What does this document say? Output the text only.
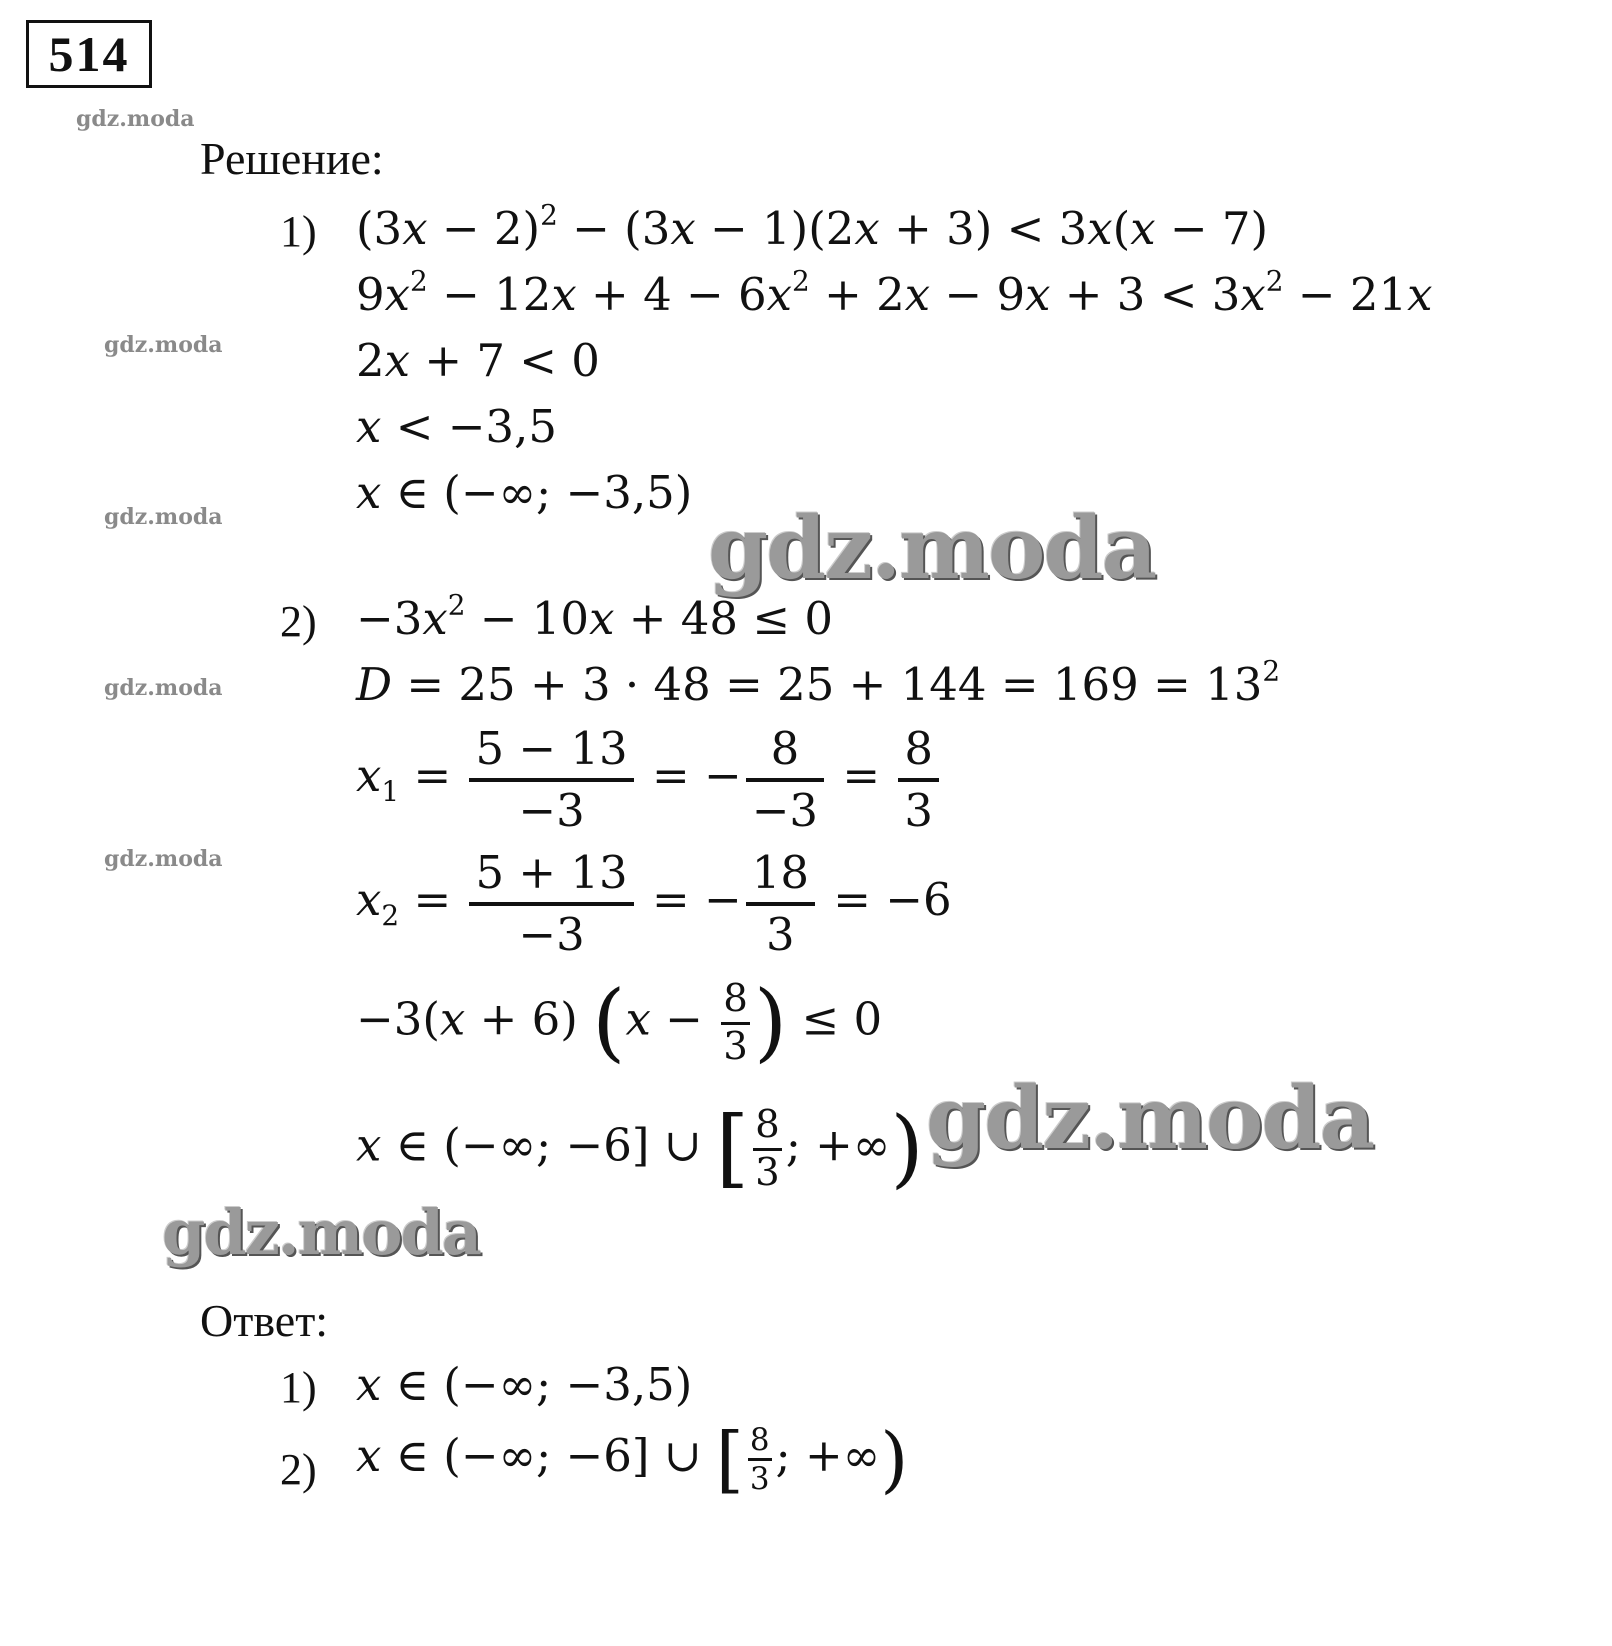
514
gdz.moda
gdz.moda
gdz.moda
gdz.moda
gdz.moda
Решение:
1) $(3x - 2)^2 - (3x - 1)(2x + 3) < 3x(x - 7)$
$9x^2 - 12x + 4 - 6x^2 + 2x - 9x + 3 < 3x^2 - 21x$
2x + 7 < 0
x < −3,5
x ∈ (−∞; −3,5)
gdz.moda
$2) -3x^2 - 10x + 48 \le 0$
$D = 25 + 3 \cdot 48 = 25 + 144 = 169 = 13^2$
$x_1 = \frac{5 - 13}{-3}$ = − $\frac{8}{-3} = \frac{8}{3}$
$x_2 = \frac{5 + 13}{-3}$ = − $\frac{18}{3} = -6$
−3(x + 6) ($x - \frac{8}{3}$ ) ≤ 0
gdz.moda
x ∈ (−∞; −6] ∪ [ $\frac{8}{3}$ ; +∞)
gdz.moda
Ответ:
1) x ∈ (−∞; −3,5)
2) x ∈ (−∞; −6] ∪ [ $\frac{8}{3}$ ; +∞)
